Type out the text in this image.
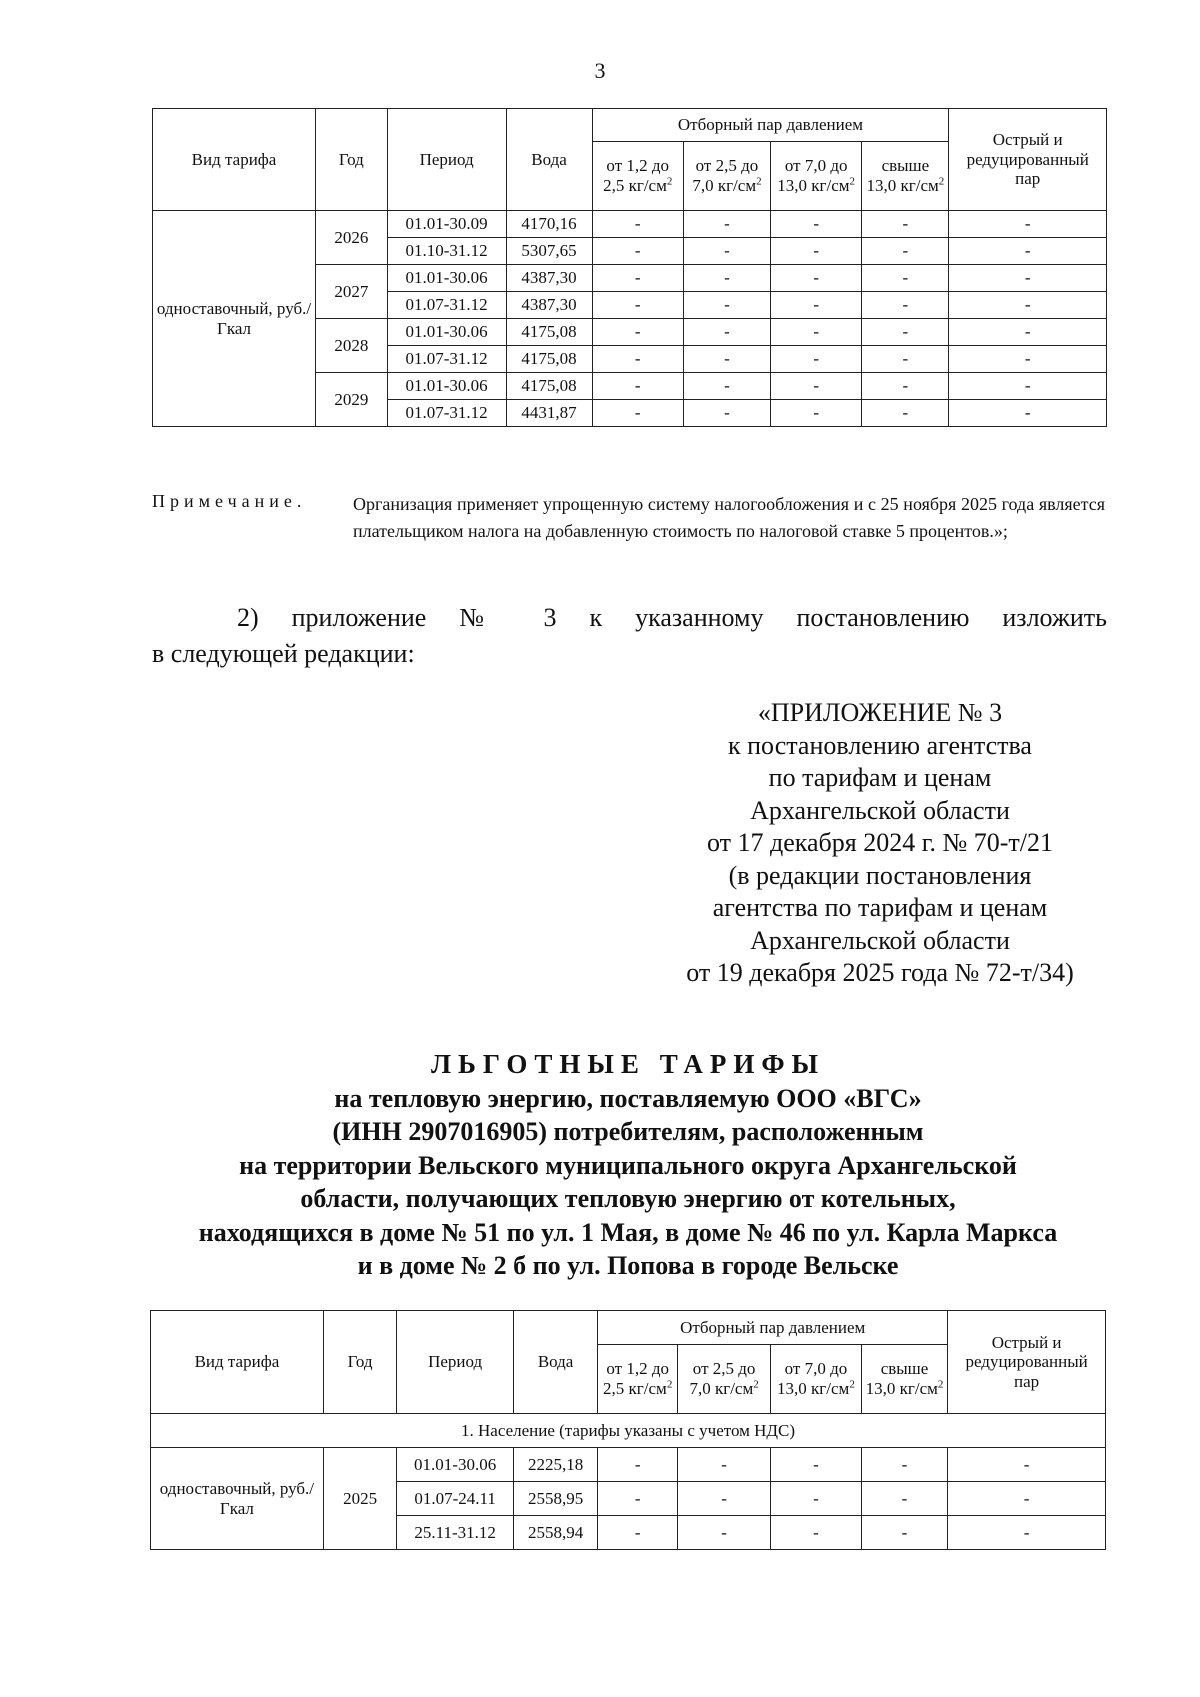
3
Вид тарифа	Год	Период	Вода	Отборный пар давлением				Острый и редуцированный пар
				от 1,2 до 2,5 $кг/см^2$	от 2,5 до 7,0 $кг/см^2$	от 7,0 до 13,0 $кг/см^2$	свыше 13,0 $кг/см^2$
одноставочный, руб./Гкал	2026	01.01-30.09	4170,16	-	-	-	-	-
		01.10-31.12	5307,65	-	-	-	-	-
	2027	01.01-30.06	4387,30	-	-	-	-	-
		01.07-31.12	4387,30	-	-	-	-	-
	2028	01.01-30.06	4175,08	-	-	-	-	-
		01.07-31.12	4175,08	-	-	-	-	-
	2029	01.01-30.06	4175,08	-	-	-	-	-
		01.07-31.12	4431,87	-	-	-	-	-
Примечание.	Организация применяет упрощенную систему налогообложения и с 25 ноября 2025 года является плательщиком налога на добавленную стоимость по налоговой ставке 5 процентов.»;
2) приложение № 3 к указанному постановлению изложить
в следующей редакции:
«ПРИЛОЖЕНИЕ № 3
к постановлению агентства
по тарифам и ценам
Архангельской области
от 17 декабря 2024 г. № 70-т/21
(в редакции постановления
агентства по тарифам и ценам
Архангельской области
от 19 декабря 2025 года № 72-т/34)
ЛЬГОТНЫЕ ТАРИФЫ
на тепловую энергию, поставляемую ООО «ВГС»
(ИНН 2907016905) потребителям, расположенным
на территории Вельского муниципального округа Архангельской
области, получающих тепловую энергию от котельных,
находящихся в доме № 51 по ул. 1 Мая, в доме № 46 по ул. Карла Маркса
и в доме № 2 б по ул. Попова в городе Вельске
Вид тарифа	Год	Период	Вода	Отборный пар давлением				Острый и редуцированный пар
				от 1,2 до 2,5 $кг/см^2$	от 2,5 до 7,0 $кг/см^2$	от 7,0 до 13,0 $кг/см^2$	свыше 13,0 $кг/см^2$
1. Население (тарифы указаны с учетом НДС)								
одноставочный, руб./Гкал	2025	01.01-30.06	2225,18	-	-	-	-	-
		01.07-24.11	2558,95	-	-	-	-	-
		25.11-31.12	2558,94	-	-	-	-	-
